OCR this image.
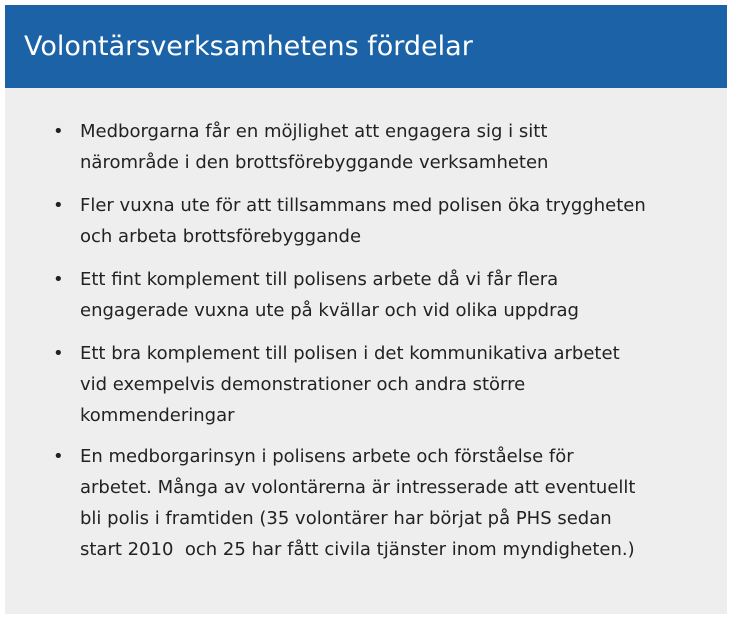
Volontärsverksamhetens fördelar
• Medborgarna får en möjlighet att engagera sig i sitt
närområde i den brottsförebyggande verksamheten
• Fler vuxna ute för att tillsammans med polisen öka tryggheten
och arbeta brottsförebyggande
• Ett fint komplement till polisens arbete då vi får flera
engagerade vuxna ute på kvällar och vid olika uppdrag
• Ett bra komplement till polisen i det kommunikativa arbetet
vid exempelvis demonstrationer och andra större
kommenderingar
• En medborgarinsyn i polisens arbete och förståelse för
arbetet. Många av volontärerna är intresserade att eventuellt
bli polis i framtiden (35 volontärer har börjat på PHS sedan
start 2010  och 25 har fått civila tjänster inom myndigheten.)
